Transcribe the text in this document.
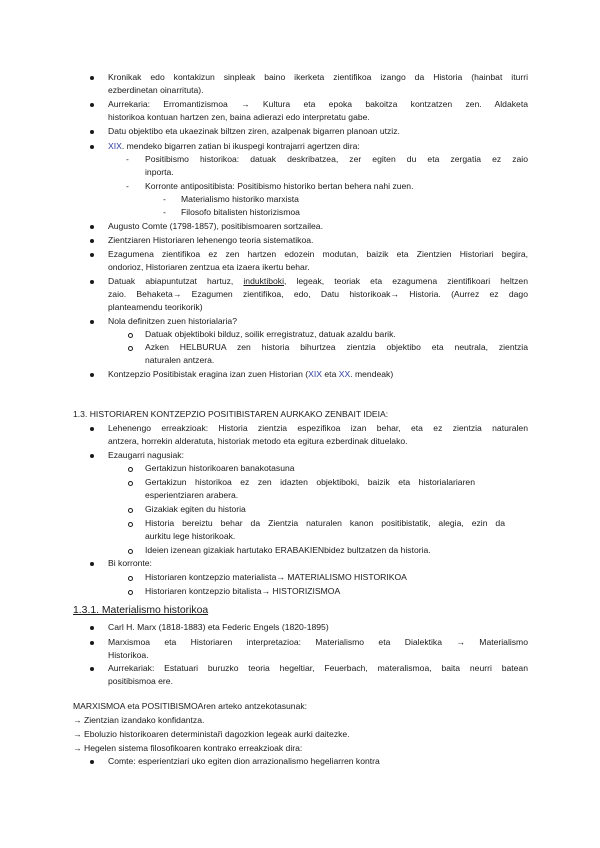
Kronikak edo kontakizun sinpleak baino ikerketa zientifikoa izango da Historia (hainbat iturri
ezberdinetan oinarrituta).
Aurrekaria: Erromantizismoa → Kultura eta epoka bakoitza kontzatzen zen. Aldaketa
historikoa kontuan hartzen zen, baina adierazi edo interpretatu gabe.
Datu objektibo eta ukaezinak biltzen ziren, azalpenak bigarren planoan utziz.
XIX. mendeko bigarren zatian bi ikuspegi kontrajarri agertzen dira:
- Positibismo historikoa: datuak deskribatzea, zer egiten du eta zergatia ez zaio
inporta.
- Korronte antipositibista: Positibismo historiko bertan behera nahi zuen.
- Materialismo historiko marxista
- Filosofo bitalisten historizismoa
Augusto Comte (1798-1857), positibismoaren sortzailea.
Zientziaren Historiaren lehenengo teoria sistematikoa.
Ezagumena zientifikoa ez zen hartzen edozein modutan, baizik eta Zientzien Historiari begira,
ondorioz, Historiaren zentzua eta izaera ikertu behar.
Datuak abiapuntutzat hartuz, induktiboki, legeak, teoriak eta ezagumena zientifikoari heltzen
zaio. Behaketa→ Ezagumen zientifikoa, edo, Datu historikoak→ Historia. (Aurrez ez dago
planteamendu teorikorik)
Nola definitzen zuen historialaria?
Datuak objektiboki bilduz, soilik erregistratuz, datuak azaldu barik.
Azken HELBURUA zen historia bihurtzea zientzia objektibo eta neutrala, zientzia
naturalen antzera.
Kontzepzio Positibistak eragina izan zuen Historian (XIX eta XX. mendeak)
1.3. HISTORIAREN KONTZEPZIO POSITIBISTAREN AURKAKO ZENBAIT IDEIA:
Lehenengo erreakzioak: Historia zientzia espezifikoa izan behar, eta ez zientzia naturalen
antzera, horrekin alderatuta, historiak metodo eta egitura ezberdinak dituelako.
Ezaugarri nagusiak:
Gertakizun historikoaren banakotasuna
Gertakizun historikoa ez zen idazten objektiboki, baizik eta historialariaren
esperientziaren arabera.
Gizakiak egiten du historia
Historia bereiztu behar da Zientzia naturalen kanon positibistatik, alegia, ezin da
aurkitu lege historikoak.
Ideien izenean gizakiak hartutako ERABAKIENbidez bultzatzen da historia.
Bi korronte:
Historiaren kontzepzio materialista→ MATERIALISMO HISTORIKOA
Historiaren kontzepzio bitalista→ HISTORIZISMOA
1.3.1. Materialismo historikoa
Carl H. Marx (1818-1883) eta Federic Engels (1820-1895)
Marxismoa eta Historiaren interpretazioa: Materialismo eta Dialektika → Materialismo
Historikoa.
Aurrekariak: Estatuari buruzko teoria hegeltiar, Feuerbach, materalismoa, baita neurri batean
positibismoa ere.
MARXISMOA eta POSITIBISMOAren arteko antzekotasunak:
→ Zientzian izandako konfidantza.
→ Eboluzio historikoaren deterministaři dagozkion legeak aurki daitezke.
→ Hegelen sistema filosofikoaren kontrako erreakzioak dira:
Comte: esperientziari uko egiten dion arrazionalismo hegeliarren kontra
